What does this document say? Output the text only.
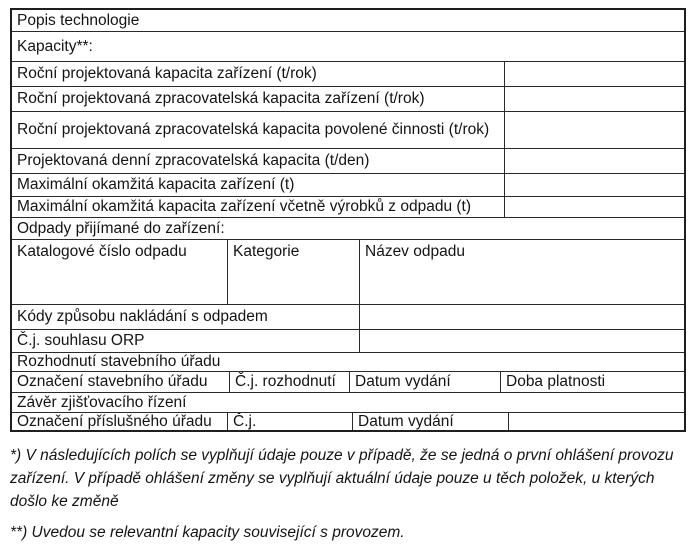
Popis technologie
Kapacity**:
Roční projektovaná kapacita zařízení (t/rok)
Roční projektovaná zpracovatelská kapacita zařízení (t/rok)
Roční projektovaná zpracovatelská kapacita povolené činnosti (t/rok)
Projektovaná denní zpracovatelská kapacita (t/den)
Maximální okamžitá kapacita zařízení (t)
Maximální okamžitá kapacita zařízení včetně výrobků z odpadu (t)
Odpady přijímané do zařízení:
Katalogové číslo odpadu	Kategorie	Název odpadu
Kódy způsobu nakládání s odpadem
Č.j. souhlasu ORP
Rozhodnutí stavebního úřadu
Označení stavebního úřadu	Č.j. rozhodnutí	Datum vydání	Doba platnosti
Závěr zjišťovacího řízení
Označení příslušného úřadu	Č.j.	Datum vydání

*) V následujících polích se vyplňují údaje pouze v případě, že se jedná o první ohlášení provozu zařízení. V případě ohlášení změny se vyplňují aktuální údaje pouze u těch položek, u kterých došlo ke změně

**) Uvedou se relevantní kapacity související s provozem.
